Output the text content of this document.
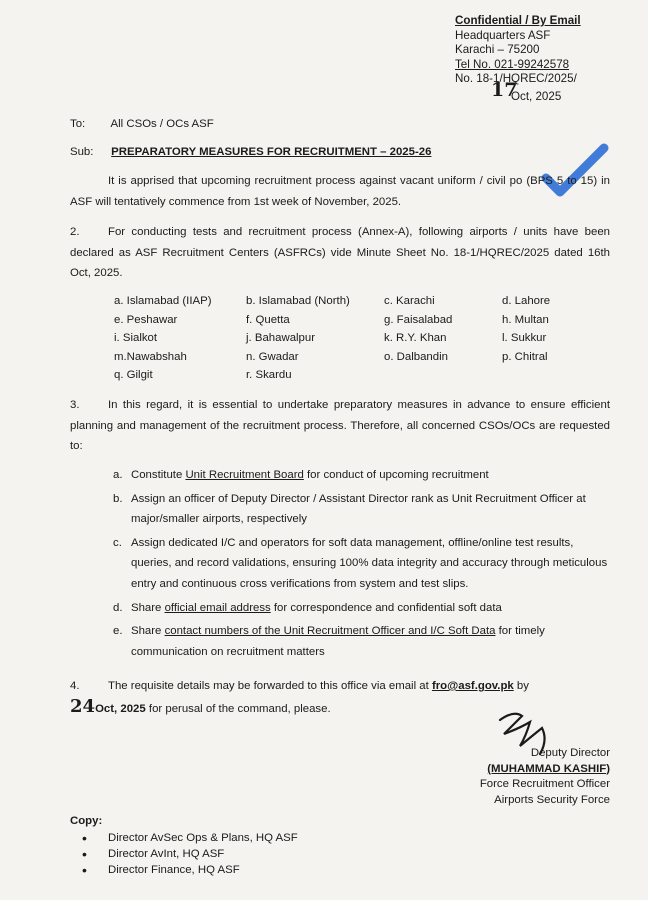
Confidential / By Email
Headquarters ASF
Karachi – 75200
Tel No. 021-99242578
No. 18-1/HQREC/2025/
17
Oct, 2025
To: All CSOs / OCs ASF
Sub: PREPARATORY MEASURES FOR RECRUITMENT – 2025-26
It is apprised that upcoming recruitment process against vacant uniform / civil po (BPS 5 to 15) in ASF will tentatively commence from 1st week of November, 2025.
2.	For conducting tests and recruitment process (Annex-A), following airports / units have been declared as ASF Recruitment Centers (ASFRCs) vide Minute Sheet No. 18-1/HQREC/2025 dated 16th Oct, 2025.
a. Islamabad (IIAP)	b. Islamabad (North)	c. Karachi	d. Lahore
e. Peshawar	f. Quetta	g. Faisalabad	h. Multan
i. Sialkot	j. Bahawalpur	k. R.Y. Khan	l. Sukkur
m.Nawabshah	n. Gwadar	o. Dalbandin	p. Chitral
q. Gilgit	r. Skardu
3.	In this regard, it is essential to undertake preparatory measures in advance to ensure efficient planning and management of the recruitment process. Therefore, all concerned CSOs/OCs are requested to:
a. Constitute Unit Recruitment Board for conduct of upcoming recruitment
b. Assign an officer of Deputy Director / Assistant Director rank as Unit Recruitment Officer at major/smaller airports, respectively
c. Assign dedicated I/C and operators for soft data management, offline/online test results, queries, and record validations, ensuring 100% data integrity and accuracy through meticulous entry and continuous cross verifications from system and test slips.
d. Share official email address for correspondence and confidential soft data
e. Share contact numbers of the Unit Recruitment Officer and I/C Soft Data for timely communication on recruitment matters
4.	The requisite details may be forwarded to this office via email at fro@asf.gov.pk by
24Oct, 2025 for perusal of the command, please.
Deputy Director
(MUHAMMAD KASHIF)
Force Recruitment Officer
Airports Security Force
Copy:
• Director AvSec Ops & Plans, HQ ASF
• Director AvInt, HQ ASF
• Director Finance, HQ ASF
